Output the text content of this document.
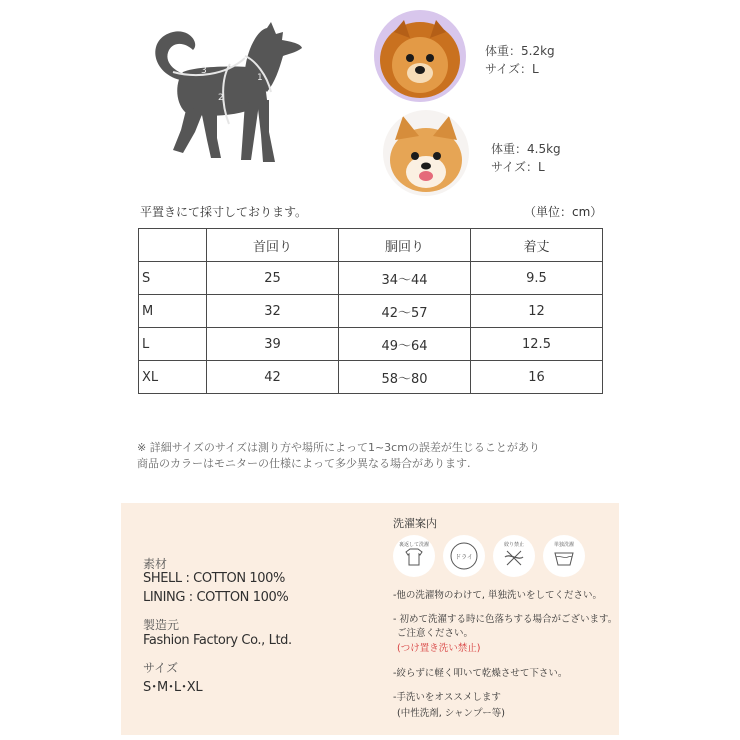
1
2
3
体重：5.2kg
サイズ：L
体重：4.5kg
サイズ：L
平置きにて採寸しております。	（単位：cm）
	首回り	胴回り	着丈
S	25	34～44	9.5
M	32	42～57	12
L	39	49～64	12.5
XL	42	58～80	16
※ 詳細サイズのサイズは測り方や場所によって1~3cmの誤差が生じることがあり
商品のカラーはモニターの仕様によって多少異なる場合があります.
素材
SHELL : COTTON 100%
LINING : COTTON 100%
製造元
Fashion Factory Co., Ltd.
サイズ
S･M･L･XL
洗濯案内
裏返して洗濯
ドライ
絞り禁止	単独洗濯
-他の洗濯物のわけて, 単独洗いをしてください。
- 初めて洗濯する時に色落ちする場合がございます。
ご注意ください。
(つけ置き洗い禁止)
-絞らずに軽く叩いて乾燥させて下さい。
-手洗いをオススメします
(中性洗剤, シャンプー等)
